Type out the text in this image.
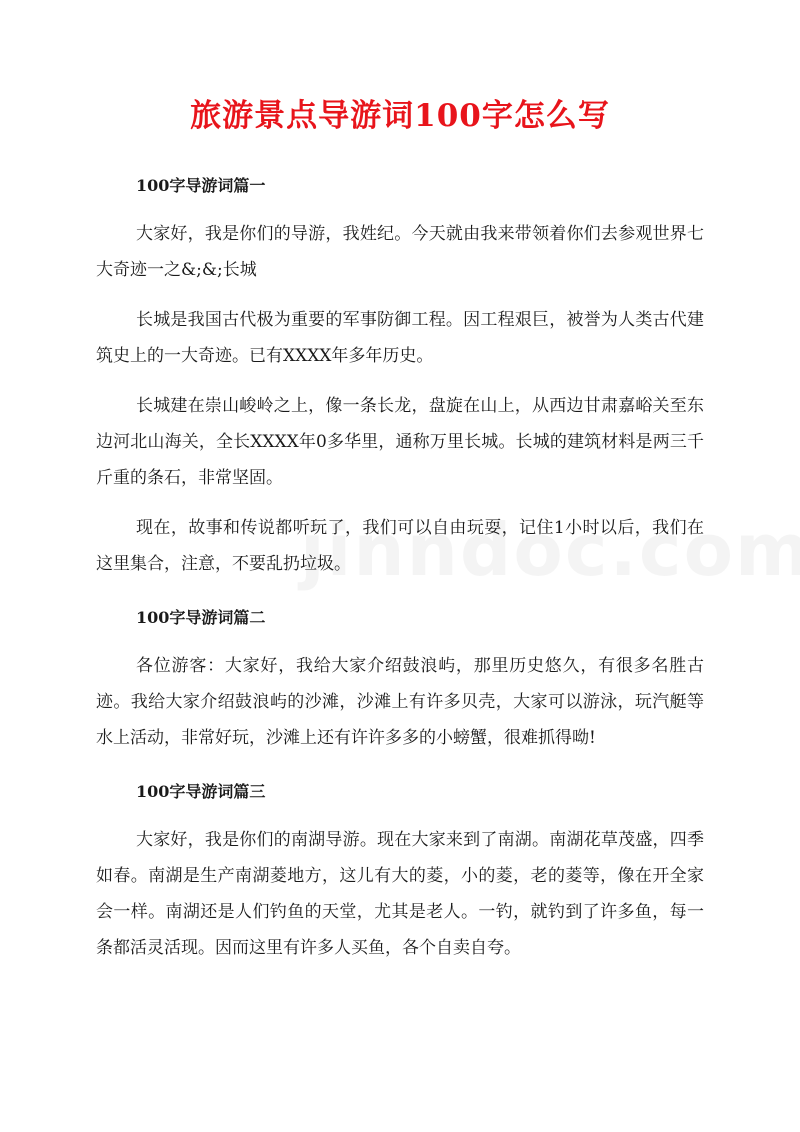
旅游景点导游词100字怎么写
100字导游词篇一

大家好，我是你们的导游，我姓纪。今天就由我来带领着你们去参观世界七大奇迹一之&;&;长城

长城是我国古代极为重要的军事防御工程。因工程艰巨，被誉为人类古代建筑史上的一大奇迹。已有XXXX年多年历史。

长城建在崇山峻岭之上，像一条长龙，盘旋在山上，从西边甘肃嘉峪关至东边河北山海关，全长XXXX年0多华里，通称万里长城。长城的建筑材料是两三千斤重的条石，非常坚固。

现在，故事和传说都听玩了，我们可以自由玩耍，记住1小时以后，我们在这里集合，注意，不要乱扔垃圾。

100字导游词篇二

各位游客：大家好，我给大家介绍鼓浪屿，那里历史悠久，有很多名胜古迹。我给大家介绍鼓浪屿的沙滩，沙滩上有许多贝壳，大家可以游泳，玩汽艇等水上活动，非常好玩，沙滩上还有许许多多的小螃蟹，很难抓得呦!

100字导游词篇三

大家好，我是你们的南湖导游。现在大家来到了南湖。南湖花草茂盛，四季如春。南湖是生产南湖菱地方，这儿有大的菱，小的菱，老的菱等，像在开全家会一样。南湖还是人们钓鱼的天堂，尤其是老人。一钓，就钓到了许多鱼，每一条都活灵活现。因而这里有许多人买鱼，各个自卖自夸。
